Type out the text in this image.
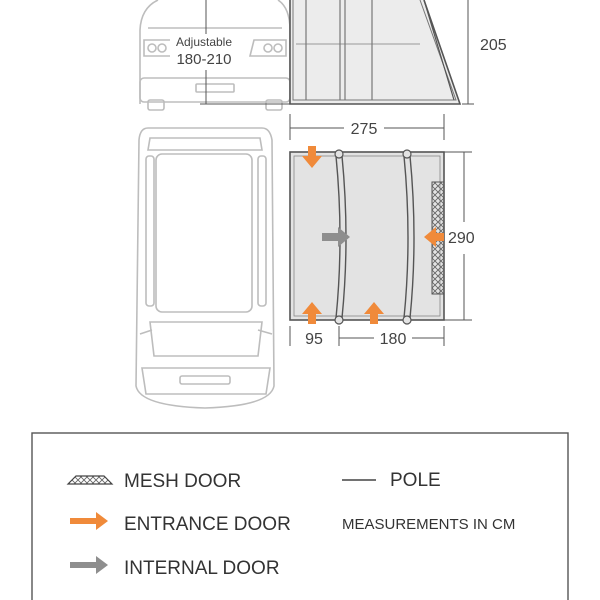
205
Adjustable
180-210
275
290
95	180
MESH DOOR	POLE
ENTRANCE DOOR	MEASUREMENTS IN CM
INTERNAL DOOR
